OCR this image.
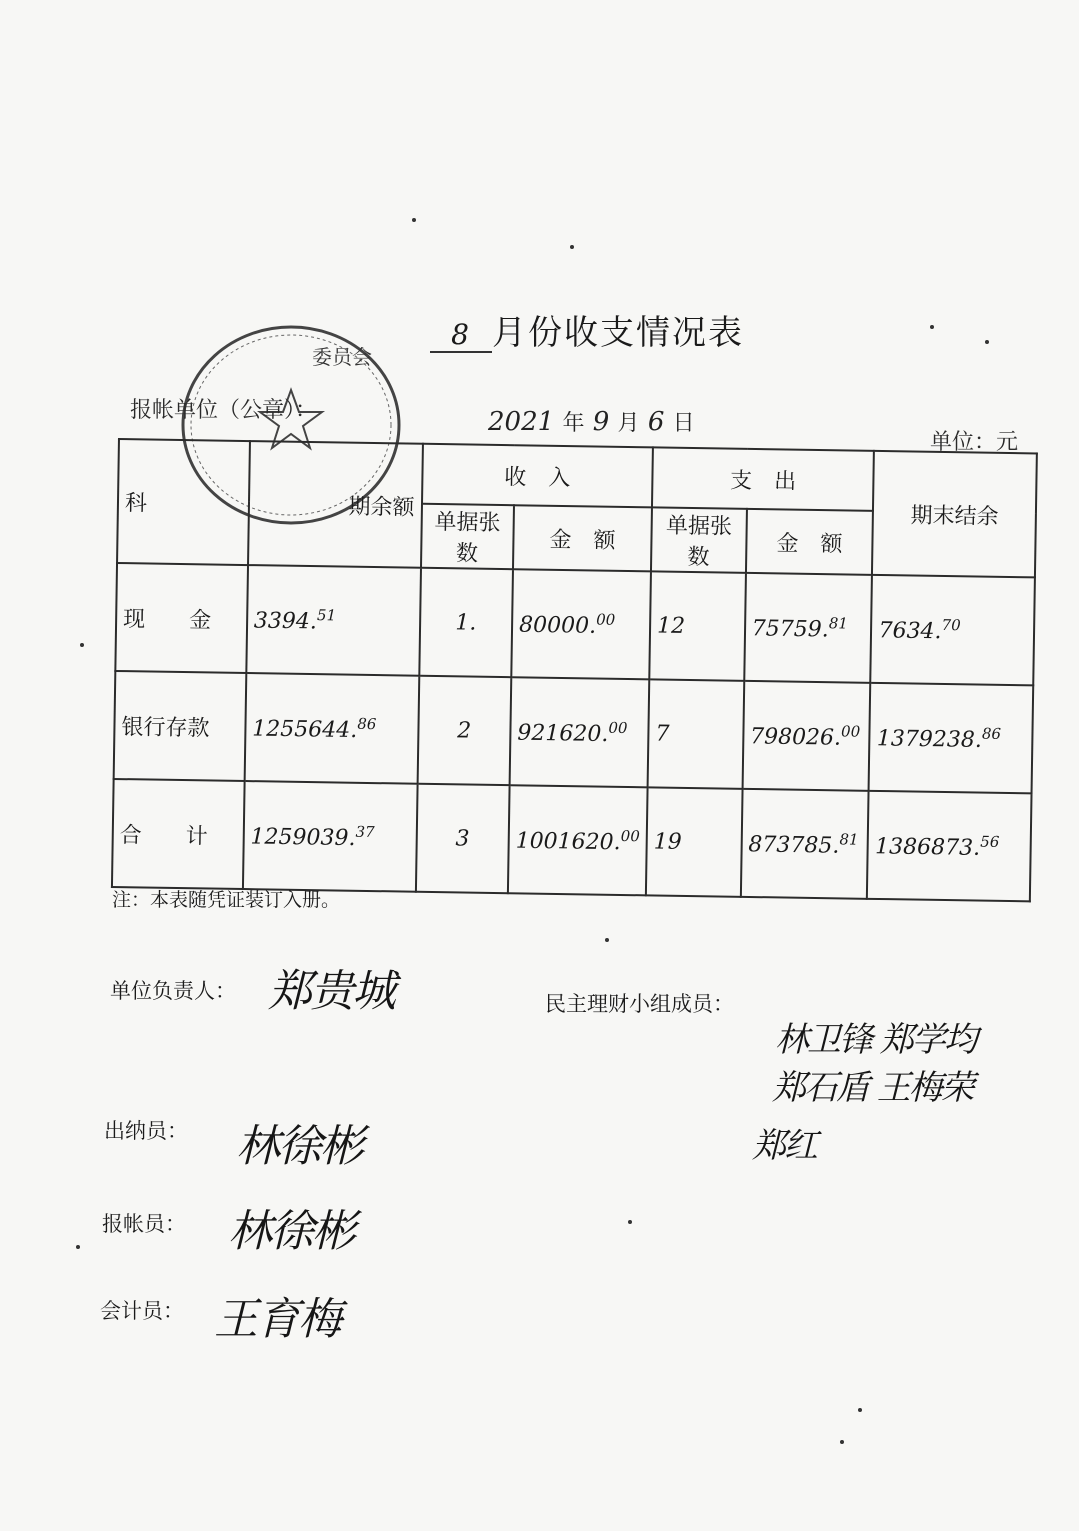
8 月份收支情况表
委员会
报帐单位（公章）：	2021 年 9 月 6 日
单位：元
科	期余额	收　入		支　出		期末结余
		单据张数	金　额	单据张数	金　额	
现　　金	3394.51	1.	80000.00	12	75759.81	7634.70
银行存款	1255644.86	2	921620.00	7	798026.00	1379238.86
合　　计	1259039.37	3	1001620.00	19	873785.81	1386873.56
注：本表随凭证装订入册。
单位负责人： 郑贵城	民主理财小组成员：
林卫锋 郑学均
郑石盾 王梅荣
郑红
出纳员： 林徐彬
报帐员： 林徐彬
会计员： 王育梅
